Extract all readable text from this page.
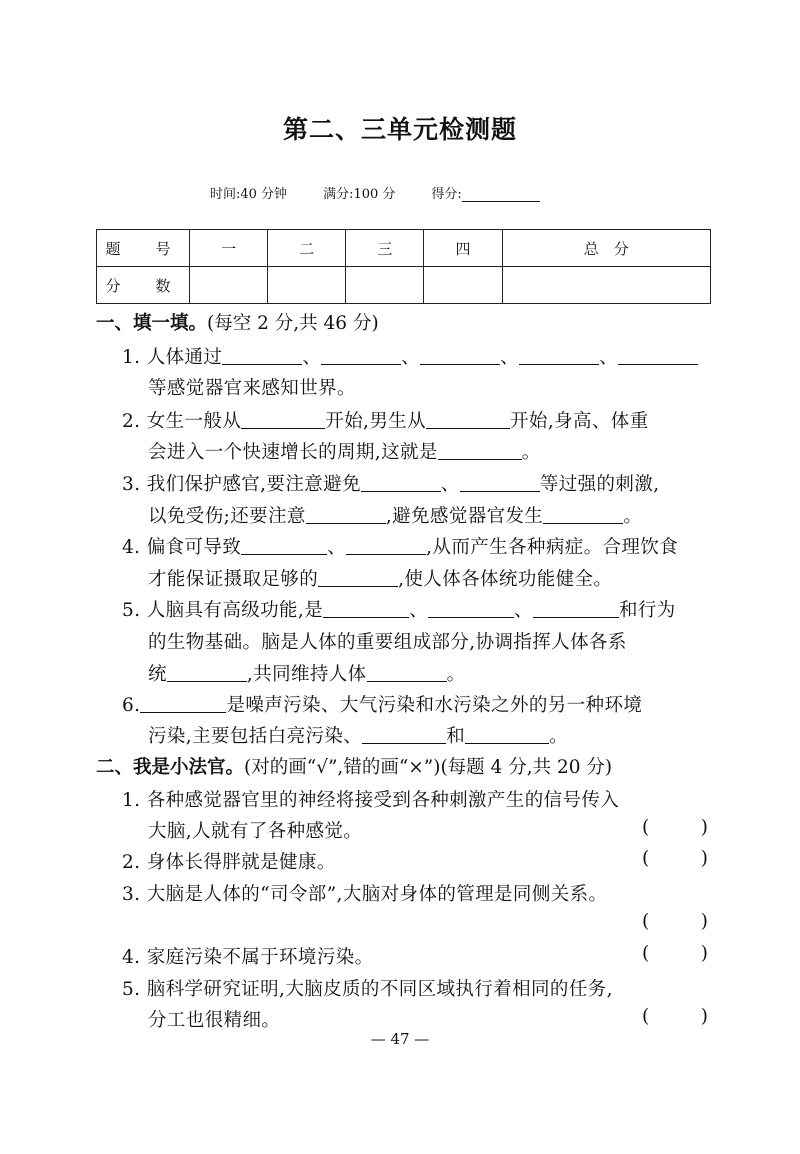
第二、三单元检测题
时间:40 分钟	满分:100 分	得分:
题　号	一	二	三	四	总　分
分　数					
一、填一填。(每空 2 分,共 46 分)
1. 人体通过	、	、	、	、
等感觉器官来感知世界。
2. 女生一般从	开始,男生从	开始,身高、体重
会进入一个快速增长的周期,这就是	。
3. 我们保护感官,要注意避免	、	等过强的刺激,
以免受伤;还要注意	,避免感觉器官发生	。
4. 偏食可导致	、	,从而产生各种病症。合理饮食
才能保证摄取足够的	,使人体各体统功能健全。
5. 人脑具有高级功能,是	、	、	和行为
的生物基础。脑是人体的重要组成部分,协调指挥人体各系
统	,共同维持人体	。
6.	是噪声污染、大气污染和水污染之外的另一种环境
污染,主要包括白亮污染、	和	。
二、我是小法官。(对的画“√”,错的画“×”)(每题 4 分,共 20 分)
1. 各种感觉器官里的神经将接受到各种刺激产生的信号传入
大脑,人就有了各种感觉。	(	)
2. 身体长得胖就是健康。	(	)
3. 大脑是人体的“司令部”,大脑对身体的管理是同侧关系。
(	)
4. 家庭污染不属于环境污染。	(	)
5. 脑科学研究证明,大脑皮质的不同区域执行着相同的任务,
分工也很精细。	(	)
— 47 —
